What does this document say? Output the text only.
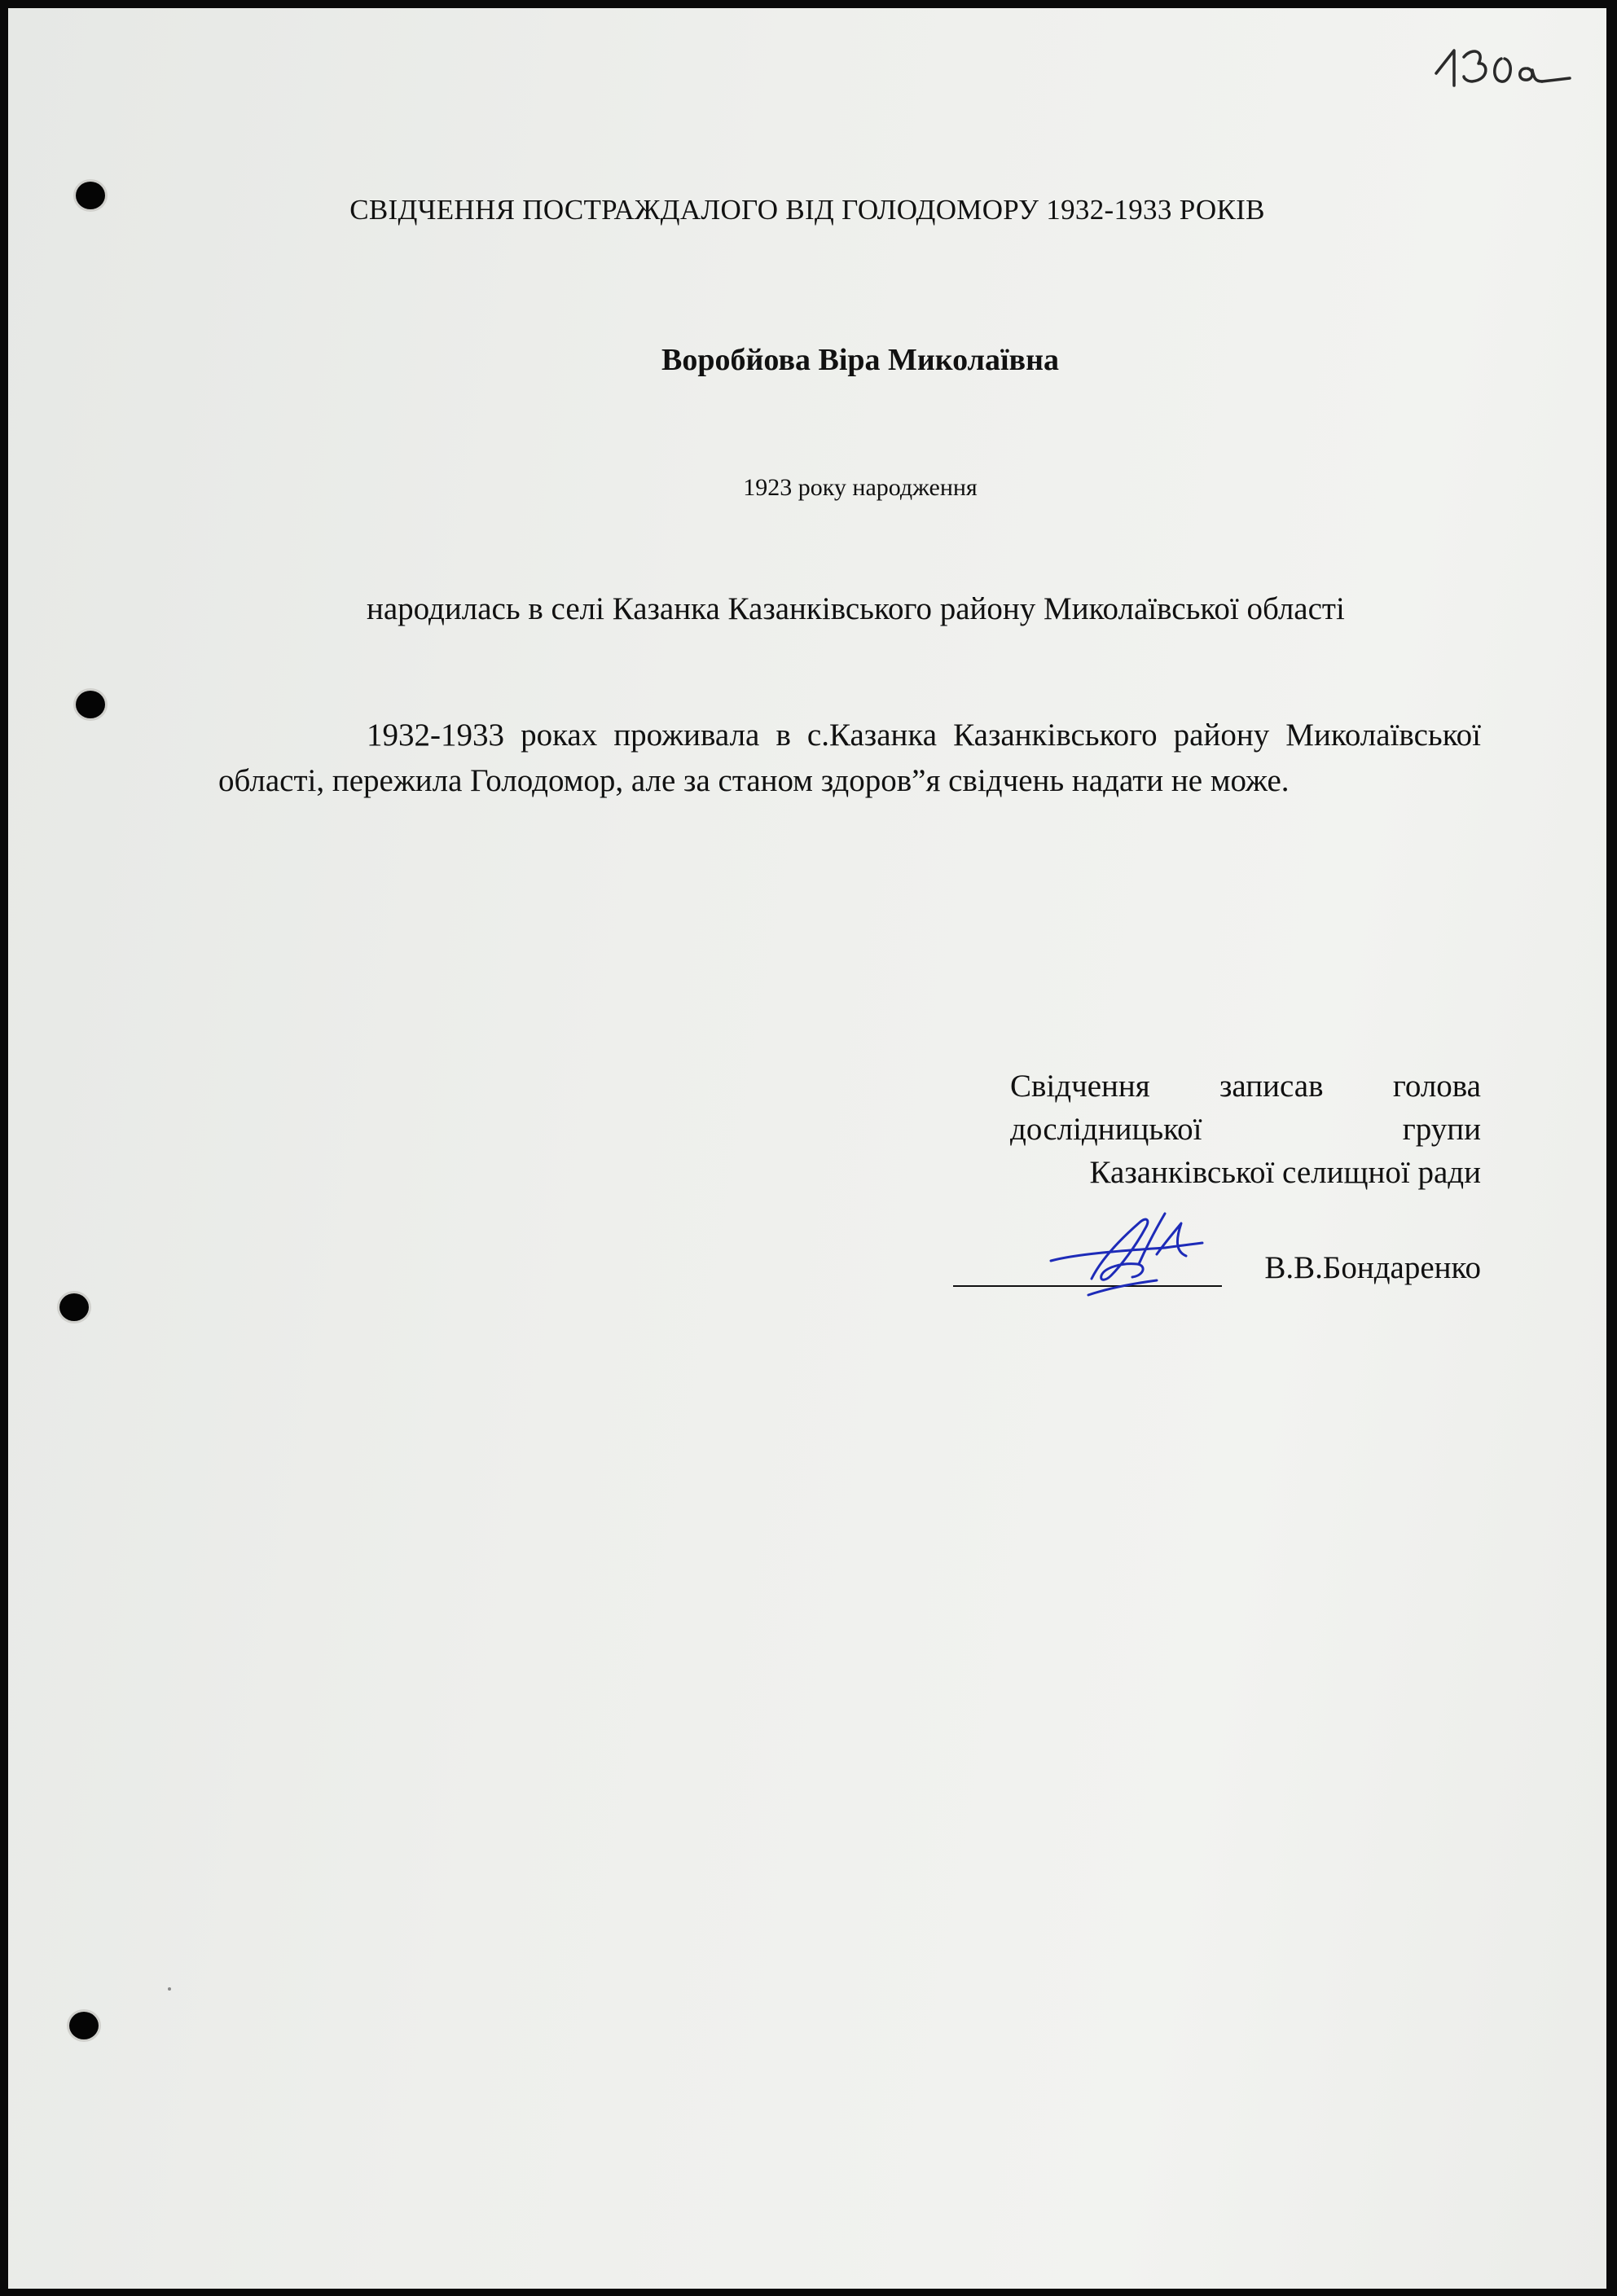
СВІДЧЕННЯ ПОСТРАЖДАЛОГО ВІД ГОЛОДОМОРУ 1932-1933 РОКІВ
Воробйова Віра Миколаївна
1923 року народження
народилась в селі Казанка Казанківського району Миколаївської області
1932-1933 роках проживала в с.Казанка Казанківського району Миколаївської області, пережила Голодомор, але за станом здоров”я свідчень надати не може.
Свідчення записав голова
дослідницької	групи
Казанківської селищної ради
В.В.Бондаренко
